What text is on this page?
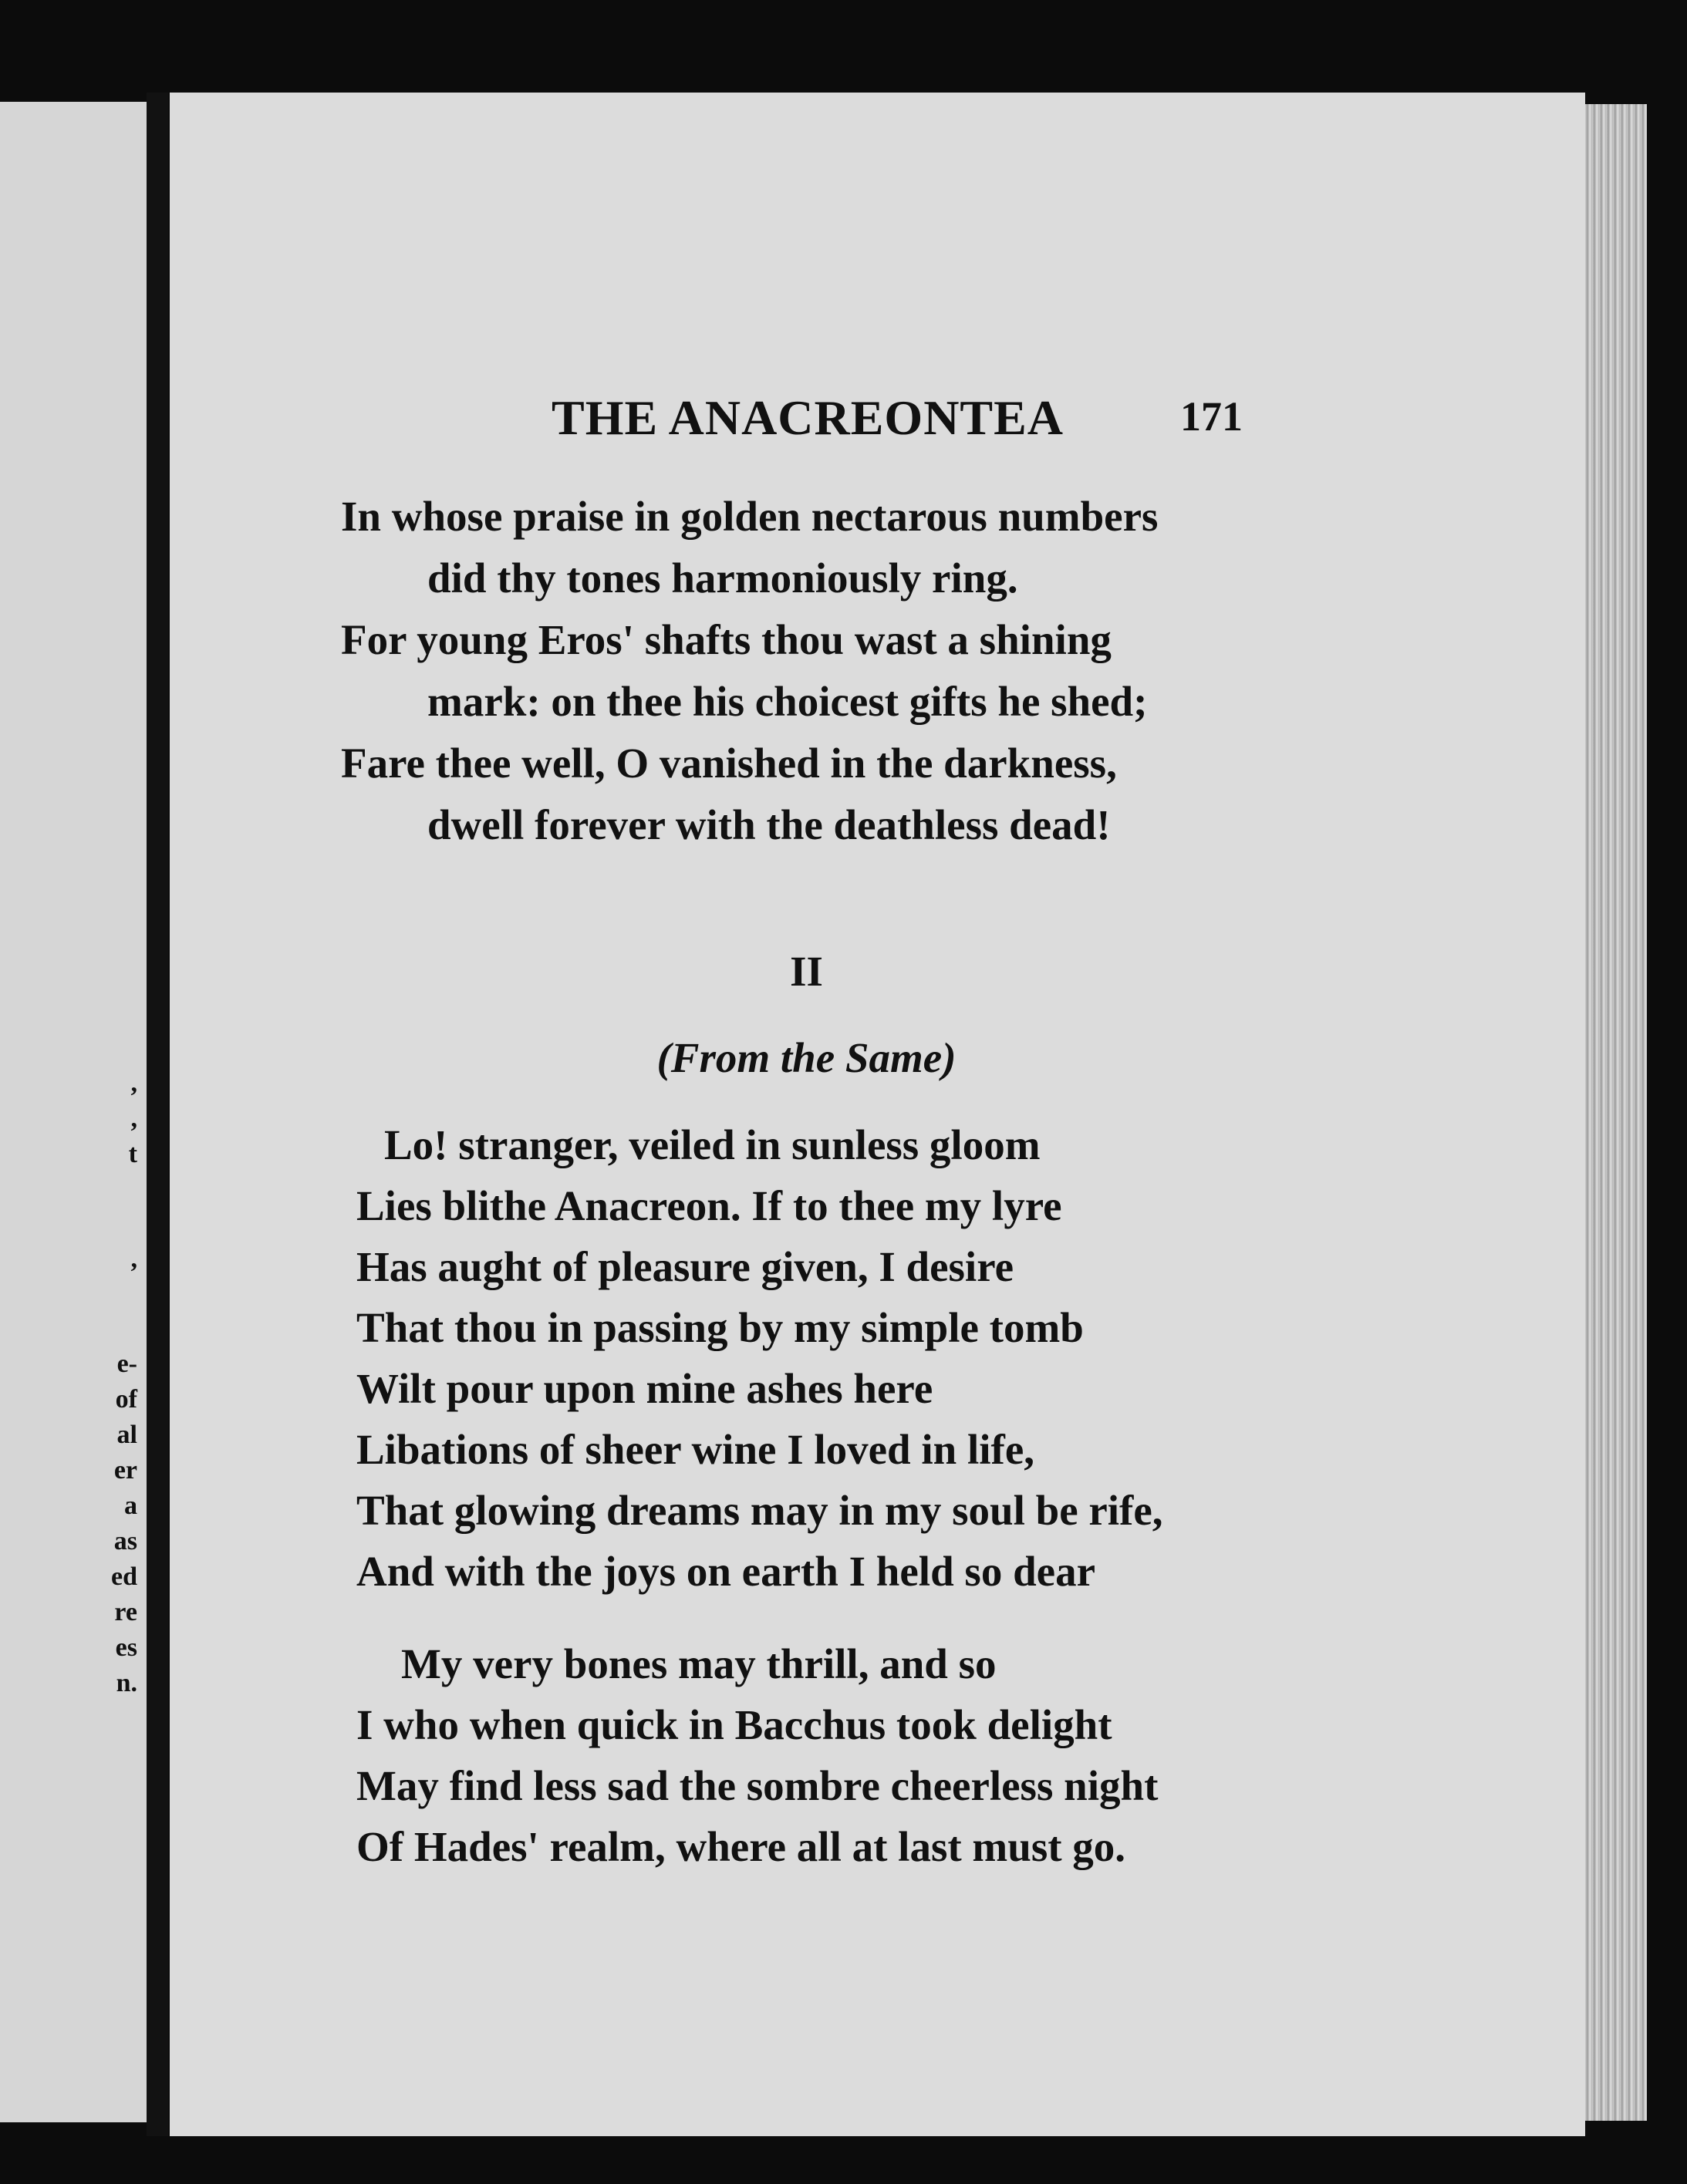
,
,
t
,
e-
of
al
er
a
as
ed
re
es
n.
THE ANACREONTEA	171
In whose praise in golden nectarous numbers
did thy tones harmoniously ring.
For young Eros' shafts thou wast a shining
mark: on thee his choicest gifts he shed;
Fare thee well, O vanished in the darkness,
dwell forever with the deathless dead!
II
(From the Same)
Lo! stranger, veiled in sunless gloom
Lies blithe Anacreon. If to thee my lyre
Has aught of pleasure given, I desire
That thou in passing by my simple tomb
Wilt pour upon mine ashes here
Libations of sheer wine I loved in life,
That glowing dreams may in my soul be rife,
And with the joys on earth I held so dear
My very bones may thrill, and so
I who when quick in Bacchus took delight
May find less sad the sombre cheerless night
Of Hades' realm, where all at last must go.
